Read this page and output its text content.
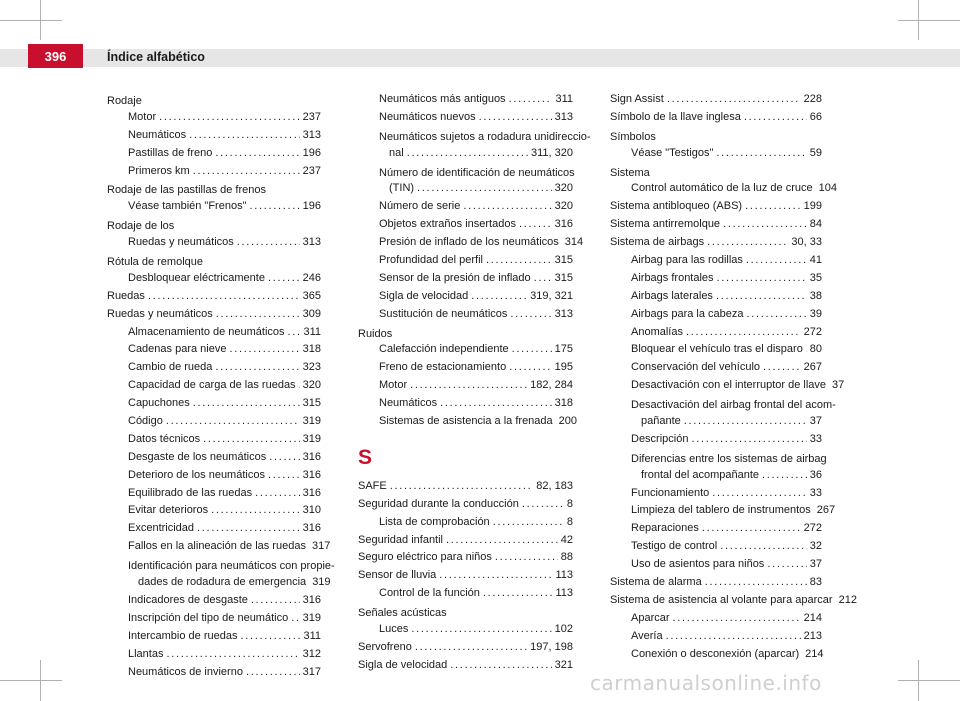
396	Índice alfabético
Rodaje
Motor .....	237
Neumáticos .....	313
Pastillas de freno .....	196
Primeros km .....	237
Rodaje de las pastillas de frenos
Véase también "Frenos" .....	196
Rodaje de los
Ruedas y neumáticos .....	313
Rótula de remolque
Desbloquear eléctricamente .....	246
Ruedas .....	365
Ruedas y neumáticos .....	309
Almacenamiento de neumáticos ..... 311
Cadenas para nieve .....	318
Cambio de rueda .....	323
Capacidad de carga de las ruedas ..... 320
Capuchones .....	315
Código .....	319
Datos técnicos .....	319
Desgaste de los neumáticos .....	316
Deterioro de los neumáticos .....	316
Equilibrado de las ruedas .....	316
Evitar deterioros .....	310
Excentricidad .....	316
Fallos en la alineación de las ruedas 317
Identificación para neumáticos con propie-
dades de rodadura de emergencia 319
Indicadores de desgaste .....	316
Inscripción del tipo de neumático ..... 319
Intercambio de ruedas .....	311
Llantas .....	312
Neumáticos de invierno .....	317
Neumáticos más antiguos .....	311
Neumáticos nuevos .....	313
Neumáticos sujetos a rodadura unidireccio-
nal .....	311, 320
Número de identificación de neumáticos
(TIN) .....	320
Número de serie .....	320
Objetos extraños insertados .....	316
Presión de inflado de los neumáticos 314
Profundidad del perfil .....	315
Sensor de la presión de inflado ..... 315
Sigla de velocidad .....	319, 321
Sustitución de neumáticos .....	313
Ruidos
Calefacción independiente .....	175
Freno de estacionamiento .....	195
Motor .....	182, 284
Neumáticos .....	318
Sistemas de asistencia a la frenada 200
S
SAFE .....	82, 183
Seguridad durante la conducción .....	8
Lista de comprobación .....	8
Seguridad infantil .....	42
Seguro eléctrico para niños .....	88
Sensor de lluvia .....	113
Control de la función .....	113
Señales acústicas
Luces .....	102
Servofreno .....	197, 198
Sigla de velocidad .....	321
Sign Assist .....	228
Símbolo de la llave inglesa .....	66
Símbolos
Véase "Testigos" .....	59
Sistema
Control automático de la luz de cruce 104
Sistema antibloqueo (ABS) .....	199
Sistema antirremolque .....	84
Sistema de airbags .....	30, 33
Airbag para las rodillas .....	41
Airbags frontales .....	35
Airbags laterales .....	38
Airbags para la cabeza .....	39
Anomalías .....	272
Bloquear el vehículo tras el disparo ..... 80
Conservación del vehículo .....	267
Desactivación con el interruptor de llave 37
Desactivación del airbag frontal del acom-
pañante .....	37
Descripción .....	33
Diferencias entre los sistemas de airbag
frontal del acompañante .....	36
Funcionamiento .....	33
Limpieza del tablero de instrumentos 267
Reparaciones .....	272
Testigo de control .....	32
Uso de asientos para niños .....	37
Sistema de alarma .....	83
Sistema de asistencia al volante para aparcar 212
Aparcar .....	214
Avería .....	213
Conexión o desconexión (aparcar) 214
carmanualsonline.info
